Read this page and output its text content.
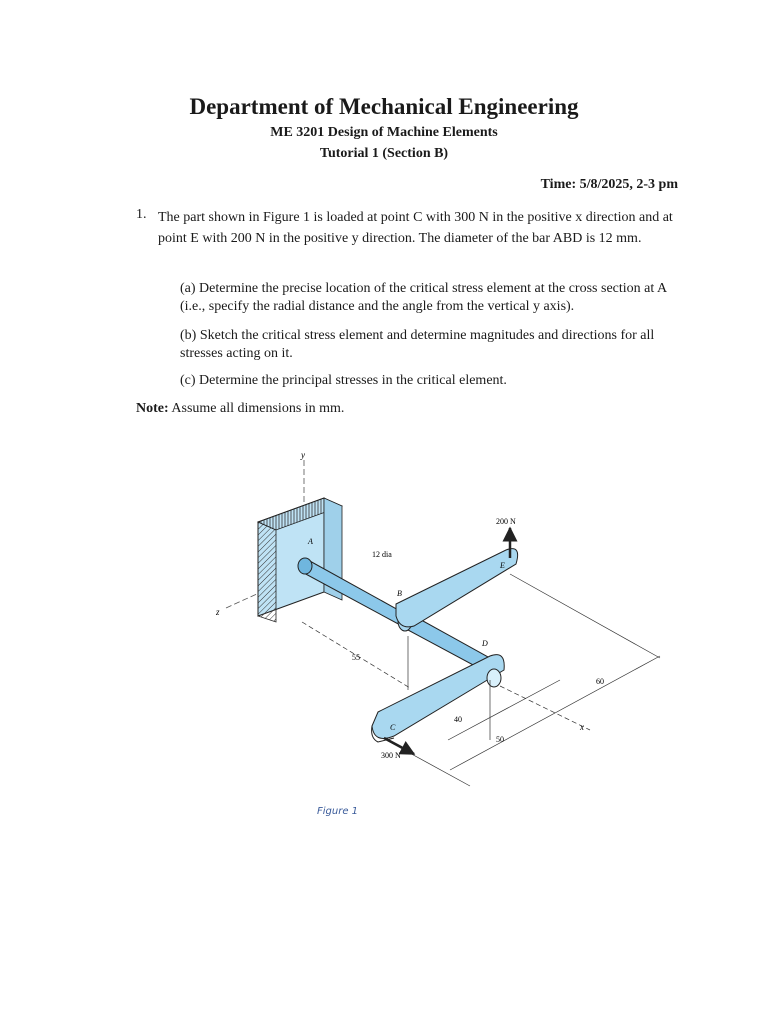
Department of Mechanical Engineering
ME 3201 Design of Machine Elements
Tutorial 1 (Section B)
Time: 5/8/2025, 2-3 pm
1. The part shown in Figure 1 is loaded at point C with 300 N in the positive x direction and at point E with 200 N in the positive y direction. The diameter of the bar ABD is 12 mm.
(a) Determine the precise location of the critical stress element at the cross section at A (i.e., specify the radial distance and the angle from the vertical y axis).
(b) Sketch the critical stress element and determine magnitudes and directions for all stresses acting on it.
(c) Determine the principal stresses in the critical element.
Note: Assume all dimensions in mm.
y
z
A
B
C
D
E
12 dia
200 N
300 N
55
40
50
60
x
Figure 1
